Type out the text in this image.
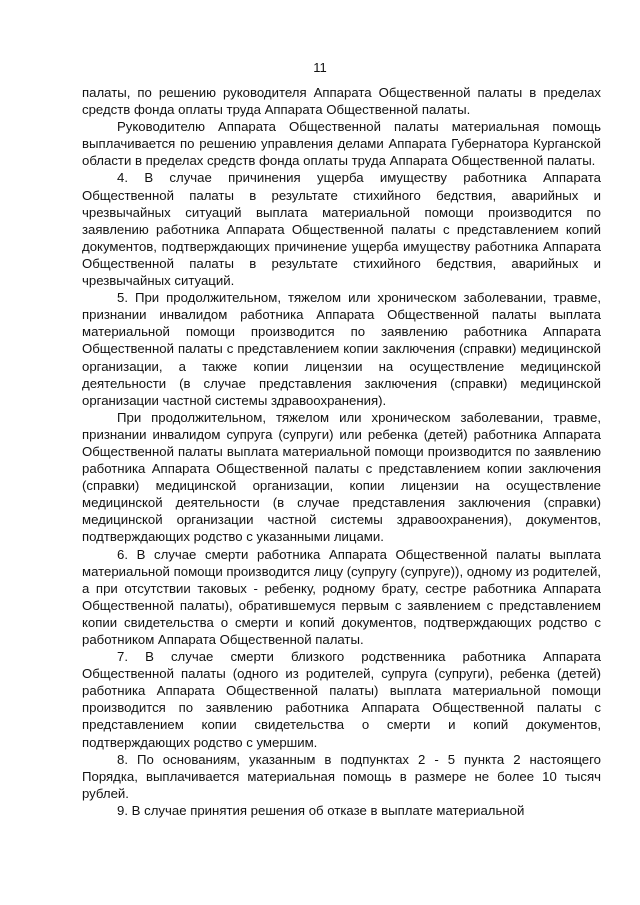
11

палаты, по решению руководителя Аппарата Общественной палаты в пределах средств фонда оплаты труда Аппарата Общественной палаты.

Руководителю Аппарата Общественной палаты материальная помощь выплачивается по решению управления делами Аппарата Губернатора Курганской области в пределах средств фонда оплаты труда Аппарата Общественной палаты.

4. В случае причинения ущерба имуществу работника Аппарата Общественной палаты в результате стихийного бедствия, аварийных и чрезвычайных ситуаций выплата материальной помощи производится по заявлению работника Аппарата Общественной палаты с представлением копий документов, подтверждающих причинение ущерба имуществу работника Аппарата Общественной палаты в результате стихийного бедствия, аварийных и чрезвычайных ситуаций.

5. При продолжительном, тяжелом или хроническом заболевании, травме, признании инвалидом работника Аппарата Общественной палаты выплата материальной помощи производится по заявлению работника Аппарата Общественной палаты с представлением копии заключения (справки) медицинской организации, а также копии лицензии на осуществление медицинской деятельности (в случае представления заключения (справки) медицинской организации частной системы здравоохранения).

При продолжительном, тяжелом или хроническом заболевании, травме, признании инвалидом супруга (супруги) или ребенка (детей) работника Аппарата Общественной палаты выплата материальной помощи производится по заявлению работника Аппарата Общественной палаты с представлением копии заключения (справки) медицинской организации, копии лицензии на осуществление медицинской деятельности (в случае представления заключения (справки) медицинской организации частной системы здравоохранения), документов, подтверждающих родство с указанными лицами.

6. В случае смерти работника Аппарата Общественной палаты выплата материальной помощи производится лицу (супругу (супруге)), одному из родителей, а при отсутствии таковых - ребенку, родному брату, сестре работника Аппарата Общественной палаты), обратившемуся первым с заявлением с представлением копии свидетельства о смерти и копий документов, подтверждающих родство с работником Аппарата Общественной палаты.

7. В случае смерти близкого родственника работника Аппарата Общественной палаты (одного из родителей, супруга (супруги), ребенка (детей) работника Аппарата Общественной палаты) выплата материальной помощи производится по заявлению работника Аппарата Общественной палаты с представлением копии свидетельства о смерти и копий документов, подтверждающих родство с умершим.

8. По основаниям, указанным в подпунктах 2 - 5 пункта 2 настоящего Порядка, выплачивается материальная помощь в размере не более 10 тысяч рублей.

9. В случае принятия решения об отказе в выплате материальной
